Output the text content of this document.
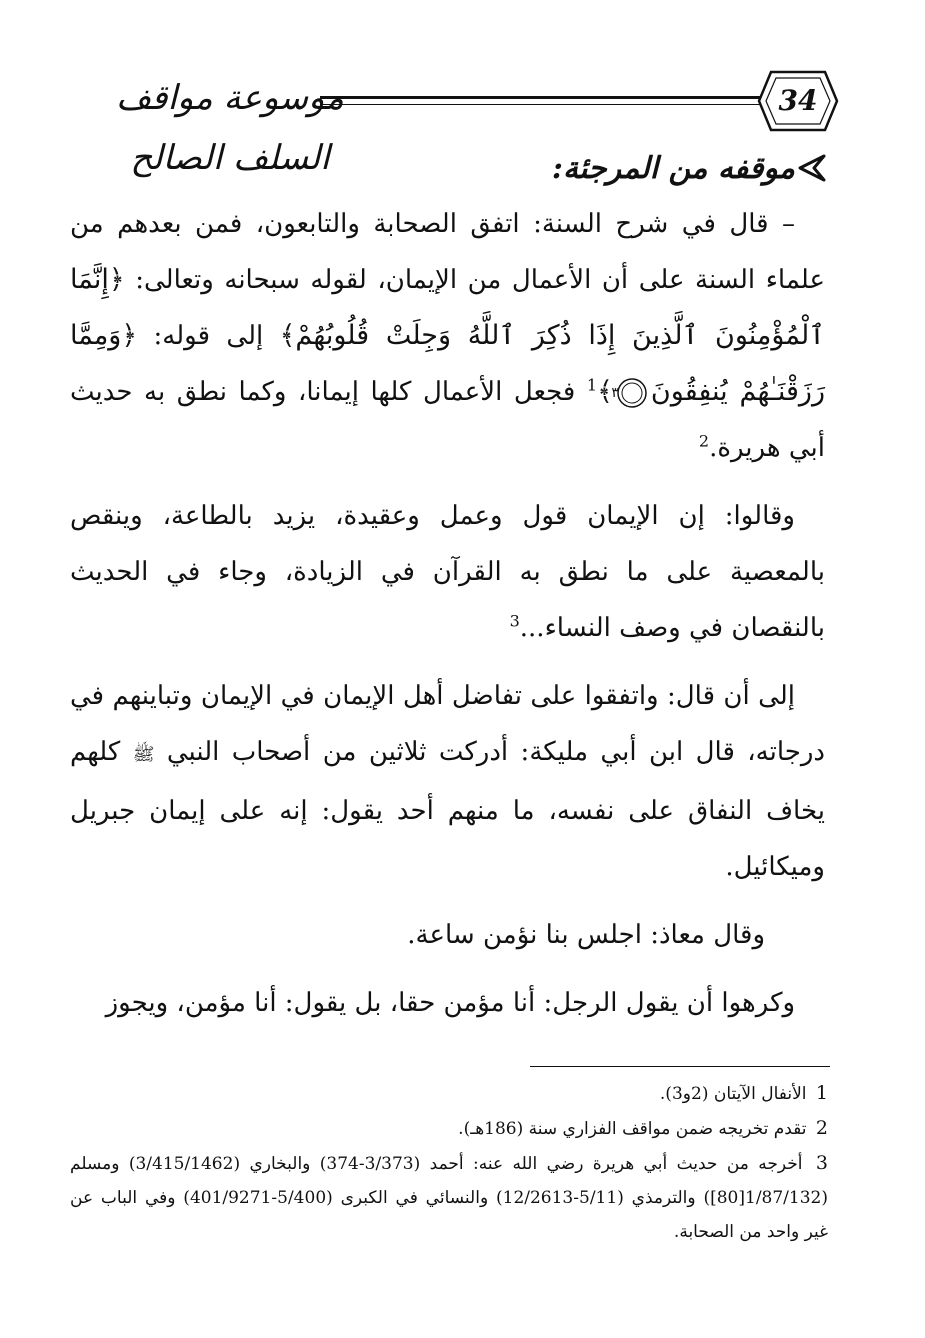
موسوعة مواقف السلف الصالح
34
موقفه من المرجئة:

– قال في شرح السنة: اتفق الصحابة والتابعون، فمن بعدهم من علماء السنة على أن الأعمال من الإيمان، لقوله سبحانه وتعالى: ﴿إِنَّمَا ٱلْمُؤْمِنُونَ ٱلَّذِينَ إِذَا ذُكِرَ ٱللَّهُ وَجِلَتْ قُلُوبُهُمْ﴾ إلى قوله: ﴿وَمِمَّا رَزَقْنَـٰهُمْ يُنفِقُونَ
٣
﴾$^1$ فجعل الأعمال كلها إيمانا، وكما نطق به حديث أبي هريرة.$^2$

وقالوا: إن الإيمان قول وعمل وعقيدة، يزيد بالطاعة، وينقص بالمعصية على ما نطق به القرآن في الزيادة، وجاء في الحديث بالنقصان في وصف النساء...$^3$

إلى أن قال: واتفقوا على تفاضل أهل الإيمان في الإيمان وتباينهم في درجاته، قال ابن أبي مليكة: أدركت ثلاثين من أصحاب النبي ﷺ كلهم يخاف النفاق على نفسه، ما منهم أحد يقول: إنه على إيمان جبريل وميكائيل.

وقال معاذ: اجلس بنا نؤمن ساعة.

وكرهوا أن يقول الرجل: أنا مؤمن حقا، بل يقول: أنا مؤمن، ويجوز

1 الأنفال الآيتان (2و3).

2 تقدم تخريجه ضمن مواقف الفزاري سنة (186هـ).

3 أخرجه من حديث أبي هريرة رضي الله عنه: أحمد (3/373-374) والبخاري (3/415/1462) ومسلم (1/87/132[80]) والترمذي (5/11-12/2613) والنسائي في الكبرى (5/400-401/9271) وفي الباب عن غير واحد من الصحابة.
